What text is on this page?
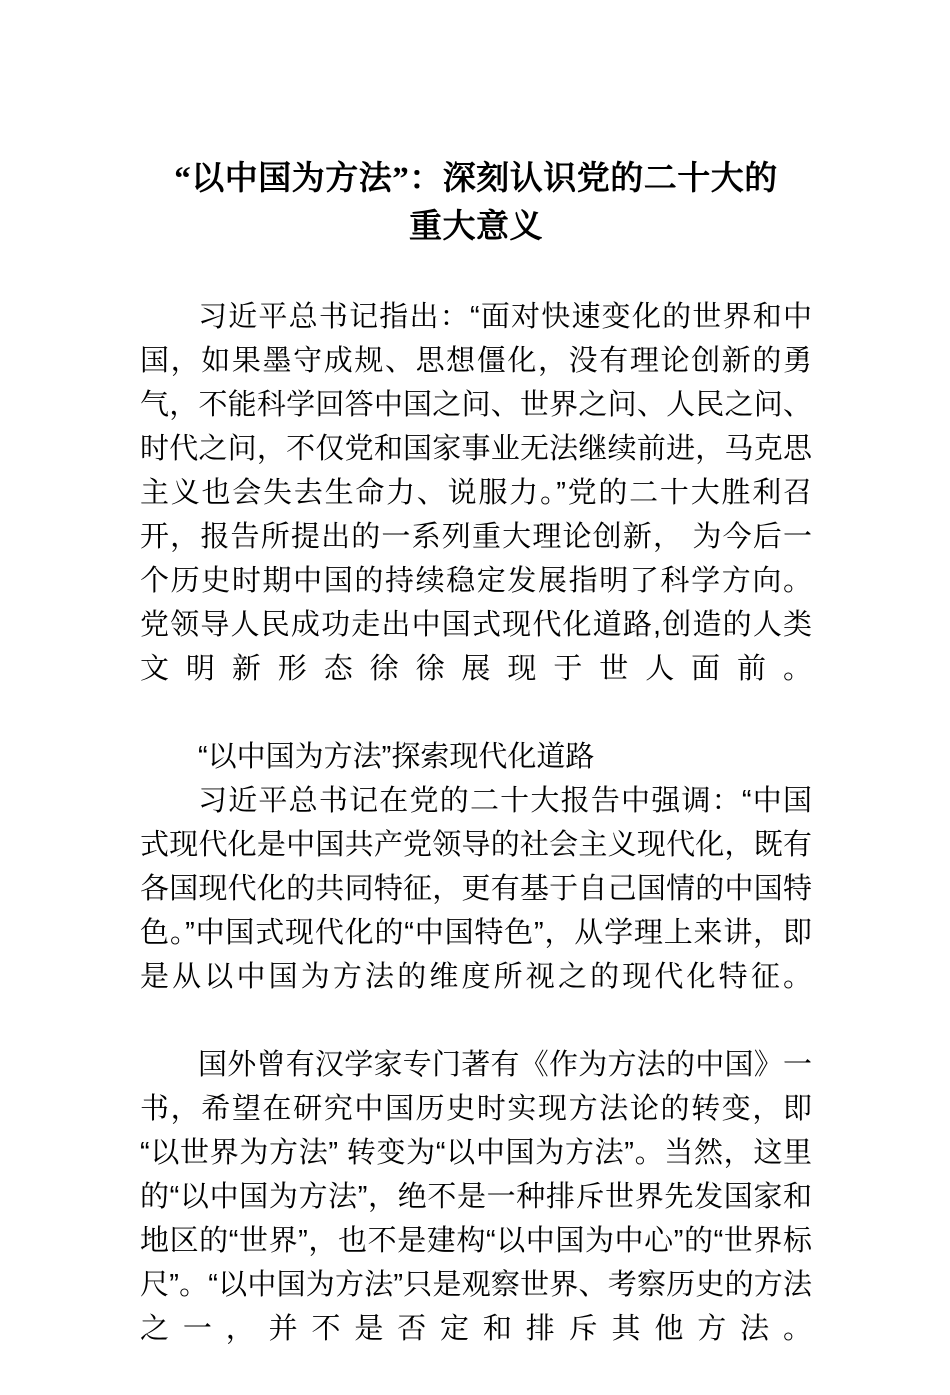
“以中国为方法”：深刻认识党的二十大的
重大意义

习近平总书记指出：“面对快速变化的世界和中国，如果墨守成规、思想僵化，没有理论创新的勇气，不能科学回答中国之问、世界之问、人民之问、时代之问，不仅党和国家事业无法继续前进，马克思主义也会失去生命力、说服力。”党的二十大胜利召开，报告所提出的一系列重大理论创新， 为今后一个历史时期中国的持续稳定发展指明了科学方向。 党领导人民成功走出中国式现代化道路,创造的人类文明新形态徐徐展现于世人面前。

“以中国为方法”探索现代化道路

习近平总书记在党的二十大报告中强调：“中国式现代化是中国共产党领导的社会主义现代化，既有各国现代化的共同特征，更有基于自己国情的中国特色。”中国式现代化的“中国特色”，从学理上来讲，即是从以中国为方法的维度所视之的现代化特征。

国外曾有汉学家专门著有《作为方法的中国》一书，希望在研究中国历史时实现方法论的转变，即“以世界为方法” 转变为“以中国为方法”。当然，这里的“以中国为方法”，绝不是一种排斥世界先发国家和地区的“世界”，也不是建构“以中国为中心”的“世界标尺”。“以中国为方法”只是观察世界、考察历史的方法之一，并不是否定和排斥其他方法。
